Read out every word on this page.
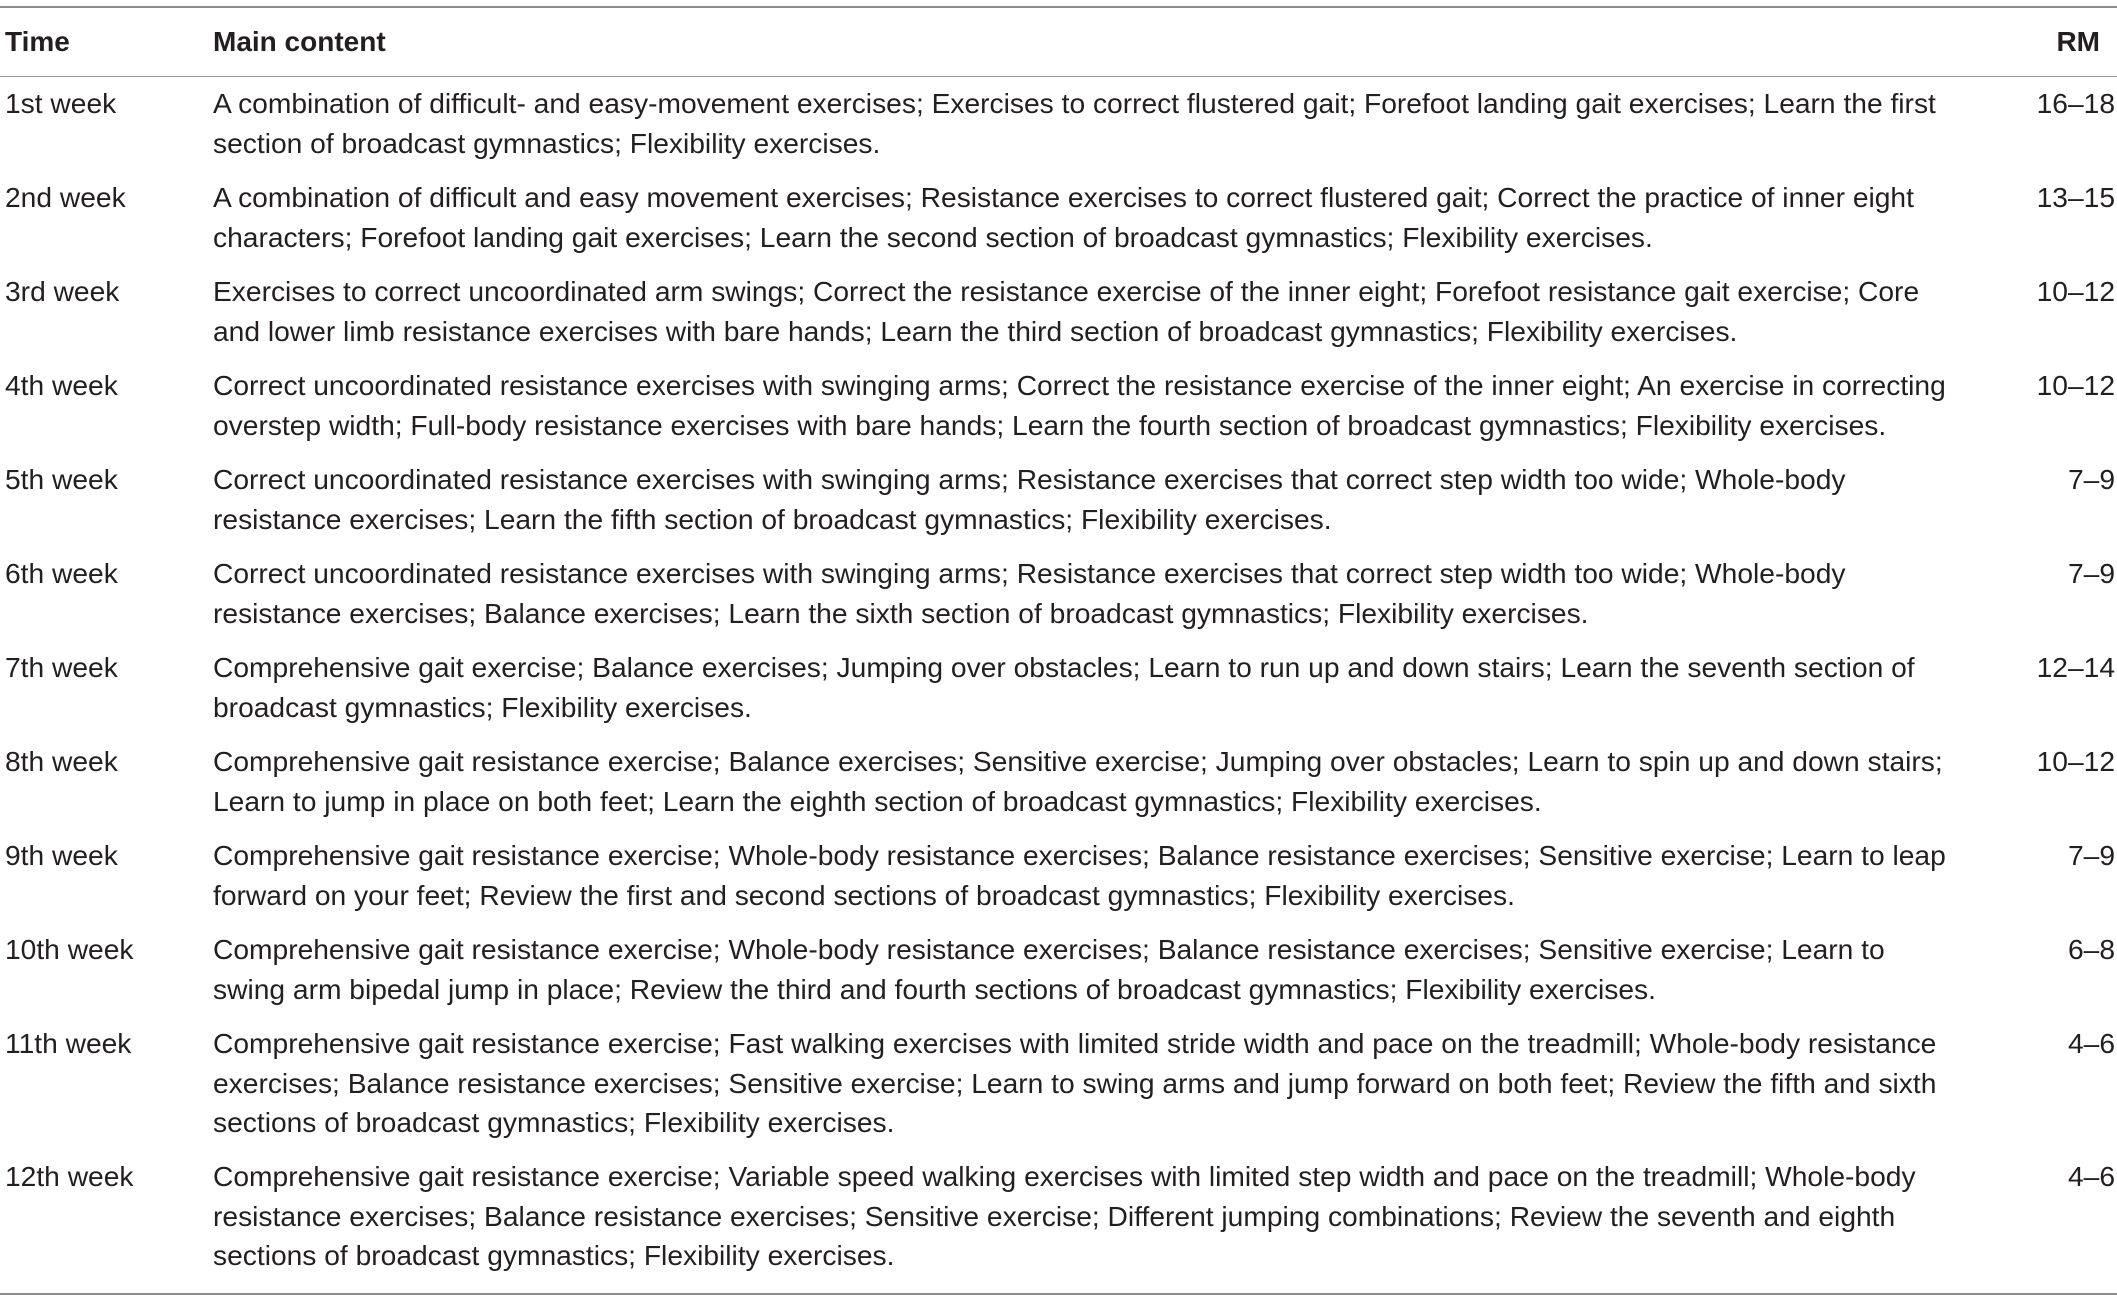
Time	Main content	RM
1st week	A combination of difficult- and easy-movement exercises; Exercises to correct flustered gait; Forefoot landing gait exercises; Learn the first section of broadcast gymnastics; Flexibility exercises.	16–18
2nd week	A combination of difficult and easy movement exercises; Resistance exercises to correct flustered gait; Correct the practice of inner eight characters; Forefoot landing gait exercises; Learn the second section of broadcast gymnastics; Flexibility exercises.	13–15
3rd week	Exercises to correct uncoordinated arm swings; Correct the resistance exercise of the inner eight; Forefoot resistance gait exercise; Core and lower limb resistance exercises with bare hands; Learn the third section of broadcast gymnastics; Flexibility exercises.	10–12
4th week	Correct uncoordinated resistance exercises with swinging arms; Correct the resistance exercise of the inner eight; An exercise in correcting overstep width; Full-body resistance exercises with bare hands; Learn the fourth section of broadcast gymnastics; Flexibility exercises.	10–12
5th week	Correct uncoordinated resistance exercises with swinging arms; Resistance exercises that correct step width too wide; Whole-body resistance exercises; Learn the fifth section of broadcast gymnastics; Flexibility exercises.	7–9
6th week	Correct uncoordinated resistance exercises with swinging arms; Resistance exercises that correct step width too wide; Whole-body resistance exercises; Balance exercises; Learn the sixth section of broadcast gymnastics; Flexibility exercises.	7–9
7th week	Comprehensive gait exercise; Balance exercises; Jumping over obstacles; Learn to run up and down stairs; Learn the seventh section of broadcast gymnastics; Flexibility exercises.	12–14
8th week	Comprehensive gait resistance exercise; Balance exercises; Sensitive exercise; Jumping over obstacles; Learn to spin up and down stairs; Learn to jump in place on both feet; Learn the eighth section of broadcast gymnastics; Flexibility exercises.	10–12
9th week	Comprehensive gait resistance exercise; Whole-body resistance exercises; Balance resistance exercises; Sensitive exercise; Learn to leap forward on your feet; Review the first and second sections of broadcast gymnastics; Flexibility exercises.	7–9
10th week	Comprehensive gait resistance exercise; Whole-body resistance exercises; Balance resistance exercises; Sensitive exercise; Learn to swing arm bipedal jump in place; Review the third and fourth sections of broadcast gymnastics; Flexibility exercises.	6–8
11th week	Comprehensive gait resistance exercise; Fast walking exercises with limited stride width and pace on the treadmill; Whole-body resistance exercises; Balance resistance exercises; Sensitive exercise; Learn to swing arms and jump forward on both feet; Review the fifth and sixth sections of broadcast gymnastics; Flexibility exercises.	4–6
12th week	Comprehensive gait resistance exercise; Variable speed walking exercises with limited step width and pace on the treadmill; Whole-body resistance exercises; Balance resistance exercises; Sensitive exercise; Different jumping combinations; Review the seventh and eighth sections of broadcast gymnastics; Flexibility exercises.	4–6
